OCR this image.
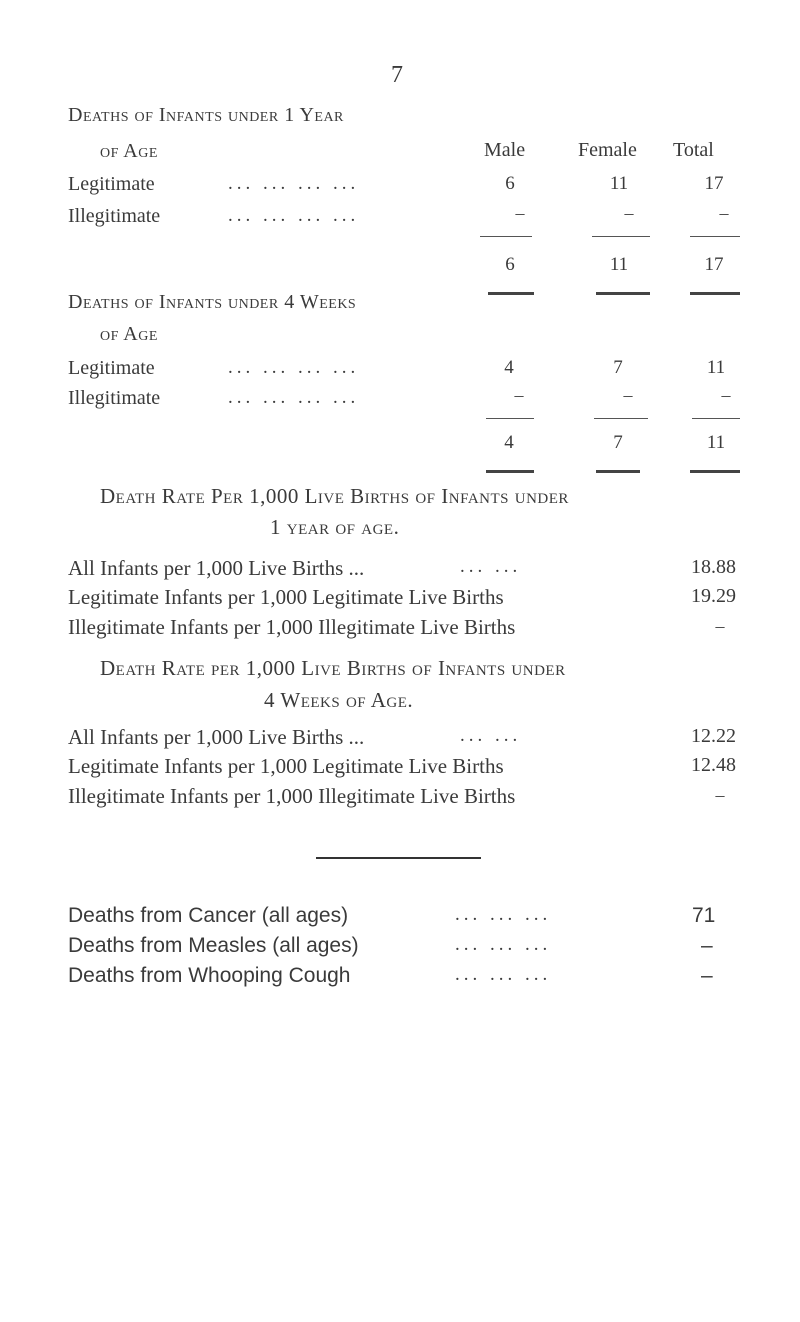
7
Deaths of Infants under 1 Year
of Age	Male	Female Total
Legitimate	... ... ... ...	6	11	17
Illegitimate	... ... ... ...	–	–	–
6	11	17
Deaths of Infants under 4 Weeks
of Age
Legitimate	... ... ... ...	4	7	11
Illegitimate	... ... ... ...	–	–	–
4	7	11
Death Rate Per 1,000 Live Births of Infants under
1 year of age.
All Infants per 1,000 Live Births ...	... ...	18.88
Legitimate Infants per 1,000 Legitimate Live Births	19.29
Illegitimate Infants per 1,000 Illegitimate Live Births	–
Death Rate per 1,000 Live Births of Infants under
4 Weeks of Age.
All Infants per 1,000 Live Births ...	... ...	12.22
Legitimate Infants per 1,000 Legitimate Live Births	12.48
Illegitimate Infants per 1,000 Illegitimate Live Births	–
Deaths from Cancer (all ages)	... ... ...	71
Deaths from Measles (all ages)	... ... ...	–
Deaths from Whooping Cough	... ... ...	–
